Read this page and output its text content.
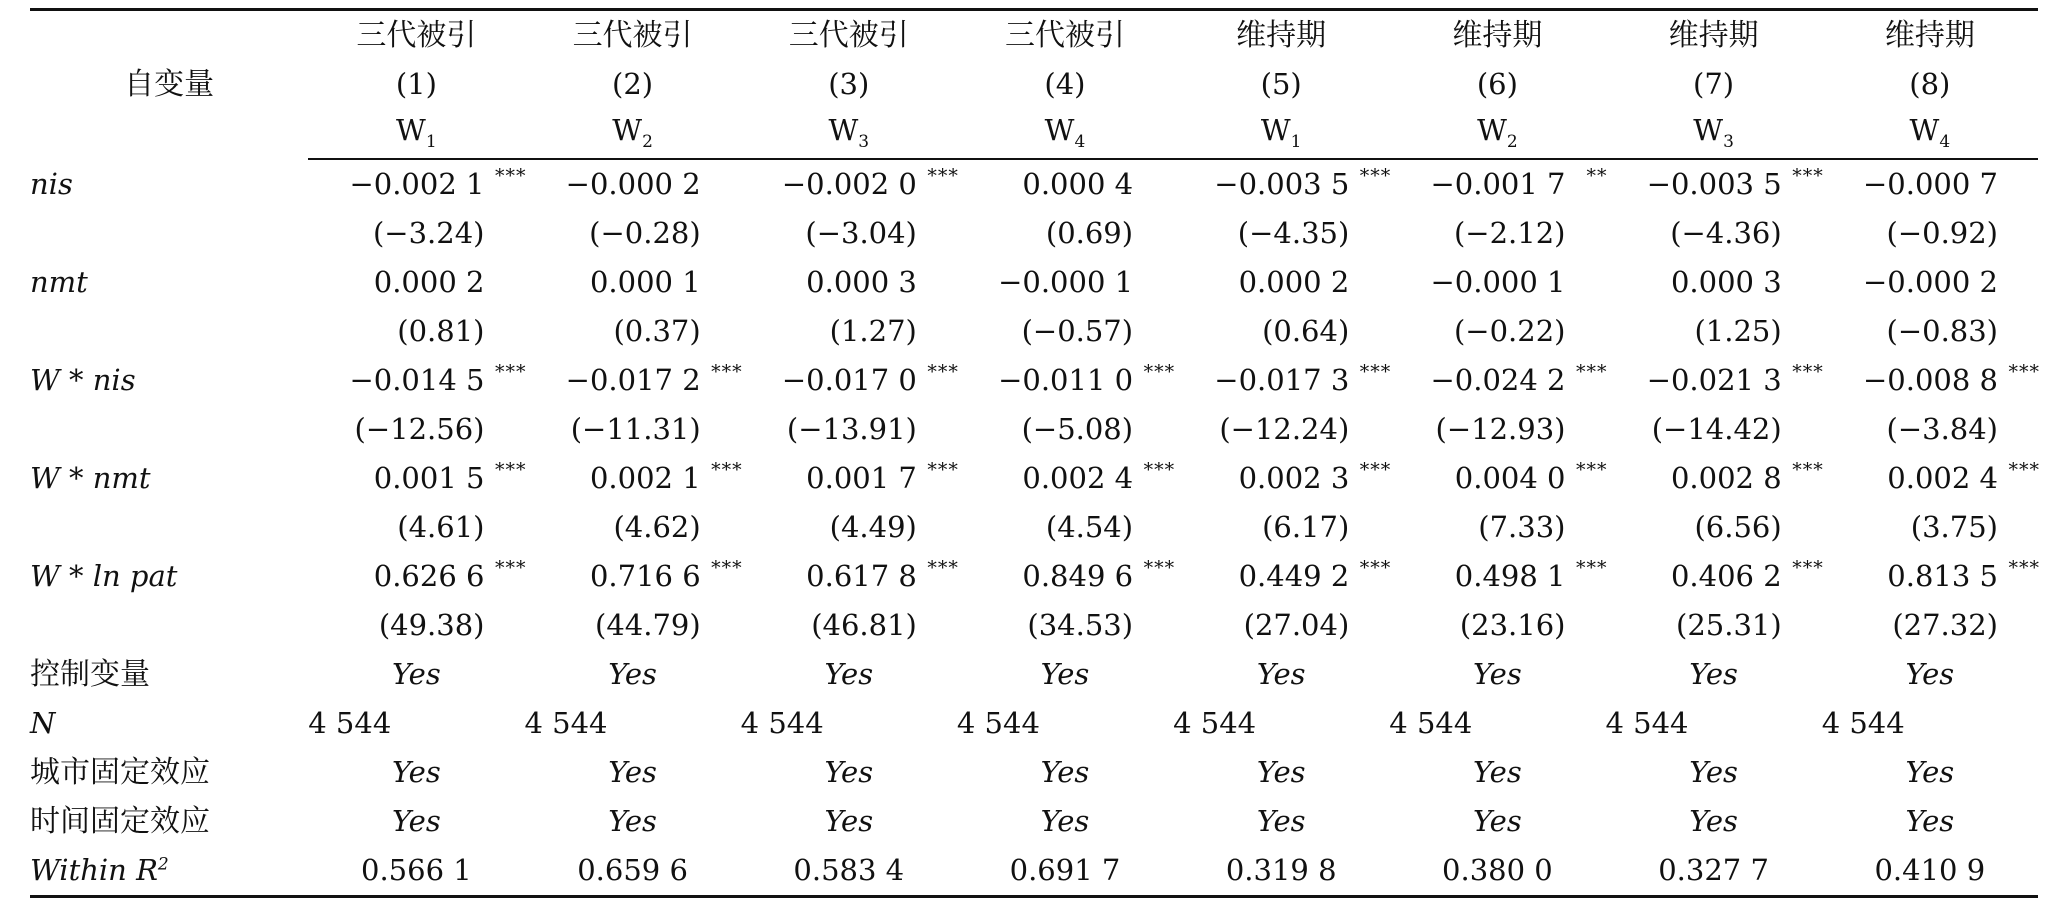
自变量	三代被引	三代被引	三代被引	三代被引	维持期	维持期	维持期	维持期
	(1)	(2)	(3)	(4)	(5)	(6)	(7)	(8)
	$W_1$	$W_2$	$W_3$	$W_4$	$W_1$	$W_2$	$W_3$	$W_4$
nis	−0.002 1 ***	−0.000 2	−0.002 0 ***	0.000 4	−0.003 5 ***	−0.001 7 **	−0.003 5 ***	−0.000 7

	(−3.24)	(−0.28)	(−3.04)	(0.69)	(−4.35)	(−2.12)	(−4.36)	(−0.92)
nmt	0.000 2	0.000 1	0.000 3	−0.000 1	0.000 2	−0.000 1	0.000 3	−0.000 2

	(0.81)	(0.37)	(1.27)	(−0.57)	(0.64)	(−0.22)	(1.25)	(−0.83)
W * nis	−0.014 5 ***	−0.017 2 ***	−0.017 0 ***	−0.011 0 ***	−0.017 3 ***	−0.024 2 ***	−0.021 3 ***	−0.008 8 ***

	(−12.56)	(−11.31)	(−13.91)	(−5.08)	(−12.24)	(−12.93)	(−14.42)	(−3.84)
W * nmt	0.001 5 ***	0.002 1 ***	0.001 7 ***	0.002 4 ***	0.002 3 ***	0.004 0 ***	0.002 8 ***	0.002 4 ***

	(4.61)	(4.62)	(4.49)	(4.54)	(6.17)	(7.33)	(6.56)	(3.75)
W * ln pat	0.626 6 ***	0.716 6 ***	0.617 8 ***	0.849 6 ***	0.449 2 ***	0.498 1 ***	0.406 2 ***	0.813 5 ***

	(49.38)	(44.79)	(46.81)	(34.53)	(27.04)	(23.16)	(25.31)	(27.32)
控制变量	Yes	Yes	Yes	Yes	Yes	Yes	Yes	Yes
N	4 544	4 544	4 544	4 544	4 544	4 544	4 544	4 544
城市固定效应	Yes	Yes	Yes	Yes	Yes	Yes	Yes	Yes
时间固定效应	Yes	Yes	Yes	Yes	Yes	Yes	Yes	Yes
Within $R^2$	0.566 1	0.659 6	0.583 4	0.691 7	0.319 8	0.380 0	0.327 7	0.410 9
